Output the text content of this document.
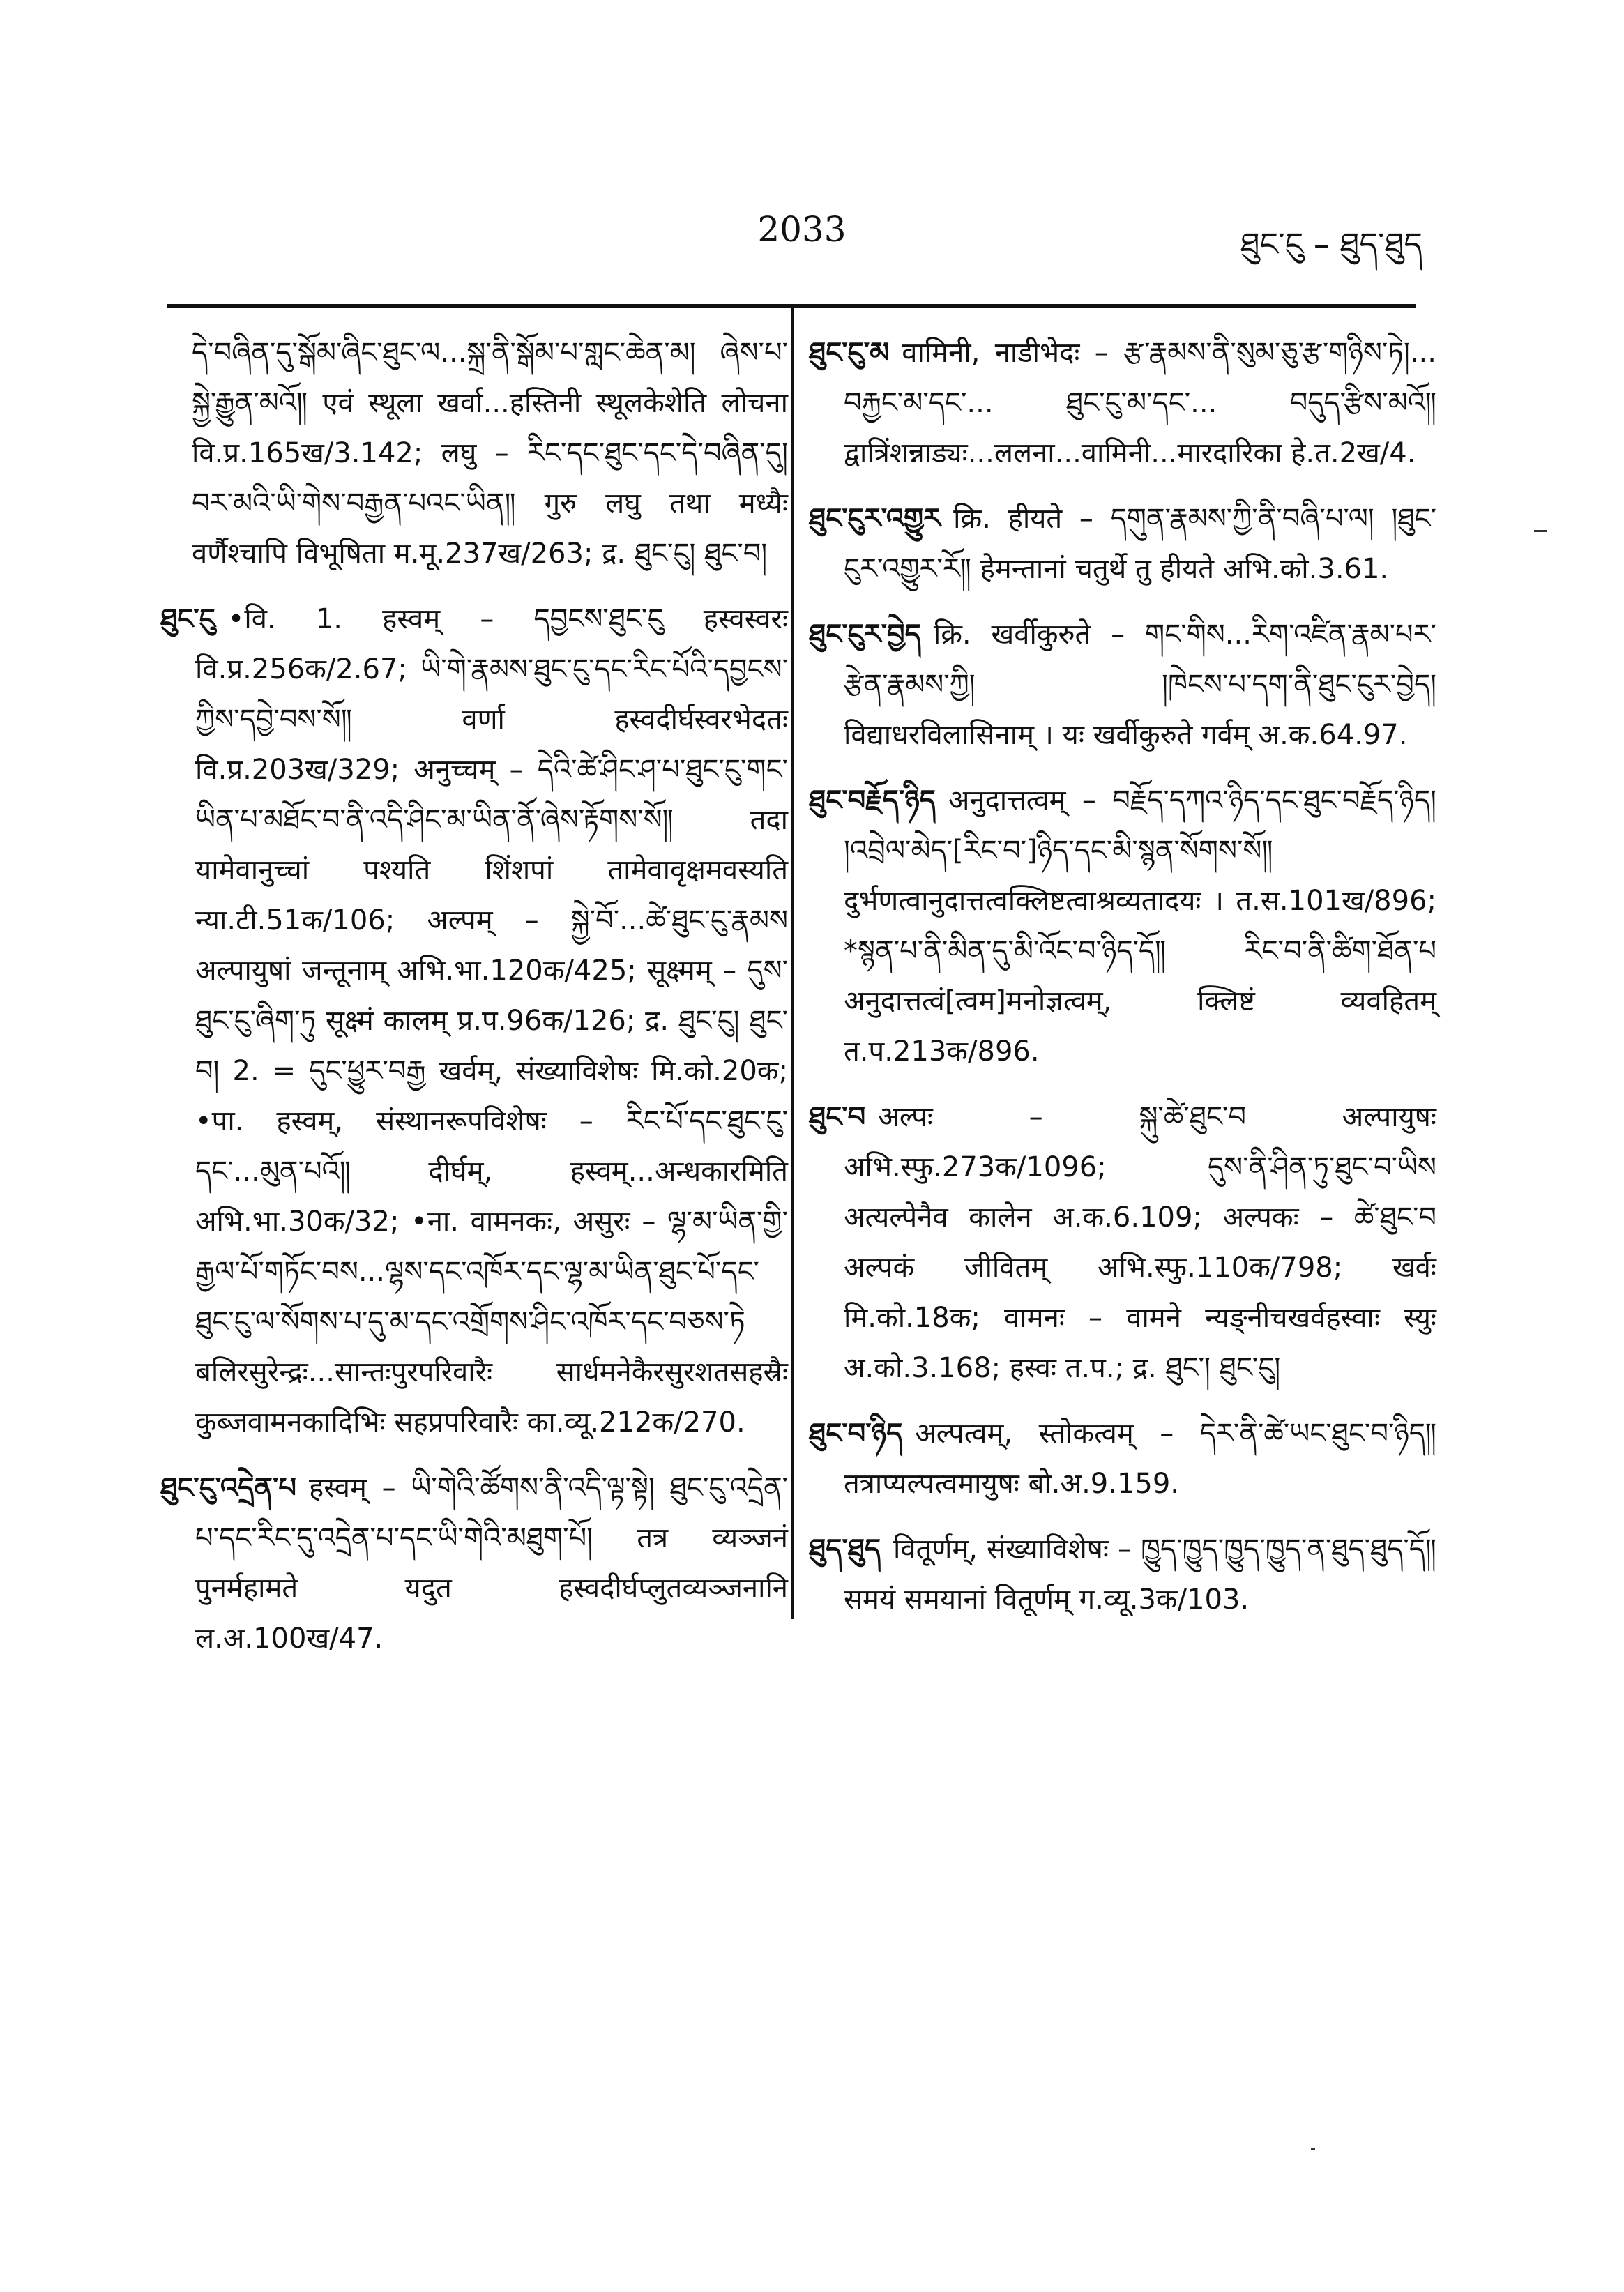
2033	ཐུང་ངུ – ཐུད་ཐུད

དེ་བཞིན་དུ་སྒོམ་ཞིང་ཐུང་ལ...སྐྲ་ནི་སྒོམ་པ་གླང་ཆེན་མ། ཞེས་པ་སྐྱེ་རྒྱུན་མའོ༎ एवं स्थूला खर्वा...हस्तिनी स्थूलकेशेति लोचना वि.प्र.165ख/3.142; लघु – རིང་དང་ཐུང་དང་དེ་བཞིན་དུ། བར་མའི་ཡི་གེས་བརྒྱན་པའང་ཡིན༎ गुरु लघु तथा मध्यैः वर्णैश्चापि विभूषिता म.मू.237ख/263; द्र. ཐུང་ངུ། ཐུང་བ།

ཐུང་ངུ •वि. 1. हस्वम् – དབྱངས་ཐུང་ངུ हस्वस्वरः वि.प्र.256क/2.67; ཡི་གེ་རྣམས་ཐུང་ངུ་དང་རིང་པོའི་དབྱངས་ཀྱིས་དབྱེ་བས་སོ༎ वर्णा हस्वदीर्घस्वरभेदतः वि.प्र.203ख/329; अनुच्चम् – དེའི་ཚེ་ཤིང་ཤ་པ་ཐུང་ངུ་གང་ཡིན་པ་མཐོང་བ་ནི་འདི་ཤིང་མ་ཡིན་ནོ་ཞེས་རྟོགས་སོ༎ तदा यामेवानुच्चां पश्यति शिंशपां तामेवावृक्षमवस्यति न्या.टी.51क/106; अल्पम् – སྐྱེ་བོ་...ཚེ་ཐུང་ངུ་རྣམས अल्पायुषां जन्तूनाम् अभि.भा.120क/425; सूक्ष्मम् – དུས་ཐུང་ངུ་ཞིག་ཏུ सूक्ष्मं कालम् प्र.प.96क/126; द्र. ཐུང་ངུ། ཐུང་བ། 2. = དུང་ཕྱུར་བརྒྱ खर्वम्, संख्याविशेषः मि.को.20क; •पा. हस्वम्, संस्थानरूपविशेषः – རིང་པོ་དང་ཐུང་ངུ་དང་...མུན་པའོ༎ दीर्घम्, हस्वम्...अन्धकारमिति अभि.भा.30क/32; •ना. वामनकः, असुरः – ལྷ་མ་ཡིན་གྱི་རྒྱལ་པོ་གཏོང་བས...ལྷས་དང་འཁོར་དང་ལྷ་མ་ཡིན་ཐུང་པོ་དང་ཐུང་ངུ་ལ་སོགས་པ་དུ་མ་དང་འགྲོགས་ཤིང་འཁོར་དང་བཅས་ཏེ बलिरसुरेन्द्रः...सान्तःपुरपरिवारैः सार्धमनेकैरसुरशतसहस्रैः कुब्जवामनकादिभिः सहप्रपरिवारैः का.व्यू.212क/270.

ཐུང་ངུ་འདྲེན་པ हस्वम् – ཡི་གེའི་ཚོགས་ནི་འདི་ལྟ་སྟེ། ཐུང་ངུ་འདྲེན་པ་དང་རིང་དུ་འདྲེན་པ་དང་ཡི་གེའི་མཐུག་པོ། तत्र व्यञ्जनं पुनर्महामते यदुत हस्वदीर्घप्लुतव्यञ्जनानि ल.अ.100ख/47.

ཐུང་ངུ་མ वामिनी, नाडीभेदः – རྩ་རྣམས་ནི་སུམ་ཅུ་རྩ་གཉིས་ཏེ།... བརྐྱང་མ་དང་... ཐུང་ངུ་མ་དང་... བདུད་རྩིས་མའོ༎ द्वात्रिंशन्नाड्यः...ललना...वामिनी...मारदारिका हे.त.2ख/4.

ཐུང་ངུར་འགྱུར क्रि. हीयते – དགུན་རྣམས་ཀྱི་ནི་བཞི་པ་ལ། །ཐུང་ངུར་འགྱུར་རོ༎ हेमन्तानां चतुर्थे तु हीयते अभि.को.3.61.

ཐུང་ངུར་བྱེད क्रि. खर्वीकुरुते – གང་གིས...རིག་འཛིན་རྣམ་པར་རྩེན་རྣམས་ཀྱི། །ཁེངས་པ་དག་ནི་ཐུང་ངུར་བྱེད། विद्याधरविलासिनाम् । यः खर्वीकुरुते गर्वम् अ.क.64.97.

ཐུང་བརྗོད་ཉིད अनुदात्तत्वम् – བརྗོད་དཀའ་ཉིད་དང་ཐུང་བརྗོད་ཉིད། །འབྲེལ་མེད་[རིང་བ་]ཉིད་དང་མི་སྙན་སོགས་སོ༎ दुर्भणत्वानुदात्तत्वक्लिष्टत्वाश्रव्यतादयः । त.स.101ख/896; *སྙན་པ་ནི་མིན་དུ་མི་འོང་བ་ཉིད་དོ༎ རིང་བ་ནི་ཚིག་ཐོན་པ अनुदात्तत्वं[त्वम]मनोज्ञत्वम्, क्लिष्टं व्यवहितम् त.प.213क/896.

ཐུང་བ अल्पः – སྐུ་ཚེ་ཐུང་བ अल्पायुषः अभि.स्फु.273क/1096; དུས་ནི་ཤིན་ཏུ་ཐུང་བ་ཡིས अत्यल्पेनैव कालेन अ.क.6.109; अल्पकः – ཚེ་ཐུང་བ अल्पकं जीवितम् अभि.स्फु.110क/798; खर्वः मि.को.18क; वामनः – वामने न्यङ्नीचखर्वहस्वाः स्युः अ.को.3.168; हस्वः त.प.; द्र. ཐུང་། ཐུང་ངུ།

ཐུང་བ་ཉིད अल्पत्वम्, स्तोकत्वम् – དེར་ནི་ཚེ་ཡང་ཐུང་བ་ཉིད༎ तत्राप्यल्पत्वमायुषः बो.अ.9.159.

ཐུད་ཐུད वितूर्णम्, संख्याविशेषः – ཁྱུད་ཁྱུད་ཁྱུད་ཁྱུད་ན་ཐུད་ཐུད་དོ༎ समयं समयानां वितूर्णम् ग.व्यू.3क/103.
